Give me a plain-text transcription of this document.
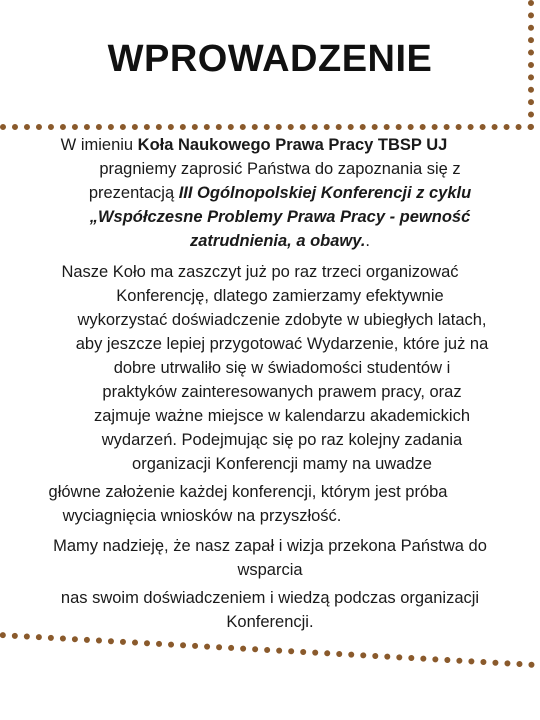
WPROWADZENIE
W imieniu Koła Naukowego Prawa Pracy TBSP UJ
pragniemy zaprosić Państwa do zapoznania się z
prezentacją III Ogólnopolskiej Konferencji z cyklu
„Współczesne Problemy Prawa Pracy - pewność
zatrudnienia, a obawy..
Nasze Koło ma zaszczyt już po raz trzeci organizować
Konferencję, dlatego zamierzamy efektywnie
wykorzystać doświadczenie zdobyte w ubiegłych latach,
aby jeszcze lepiej przygotować Wydarzenie, które już na
dobre utrwaliło się w świadomości studentów i
praktyków zainteresowanych prawem pracy, oraz
zajmuje ważne miejsce w kalendarzu akademickich
wydarzeń. Podejmując się po raz kolejny zadania
organizacji Konferencji mamy na uwadze
główne założenie każdej konferencji, którym jest próba
wyciagnięcia wniosków na przyszłość.
Mamy nadzieję, że nasz zapał i wizja przekona Państwa do
wsparcia
nas swoim doświadczeniem i wiedzą podczas organizacji
Konferencji.
